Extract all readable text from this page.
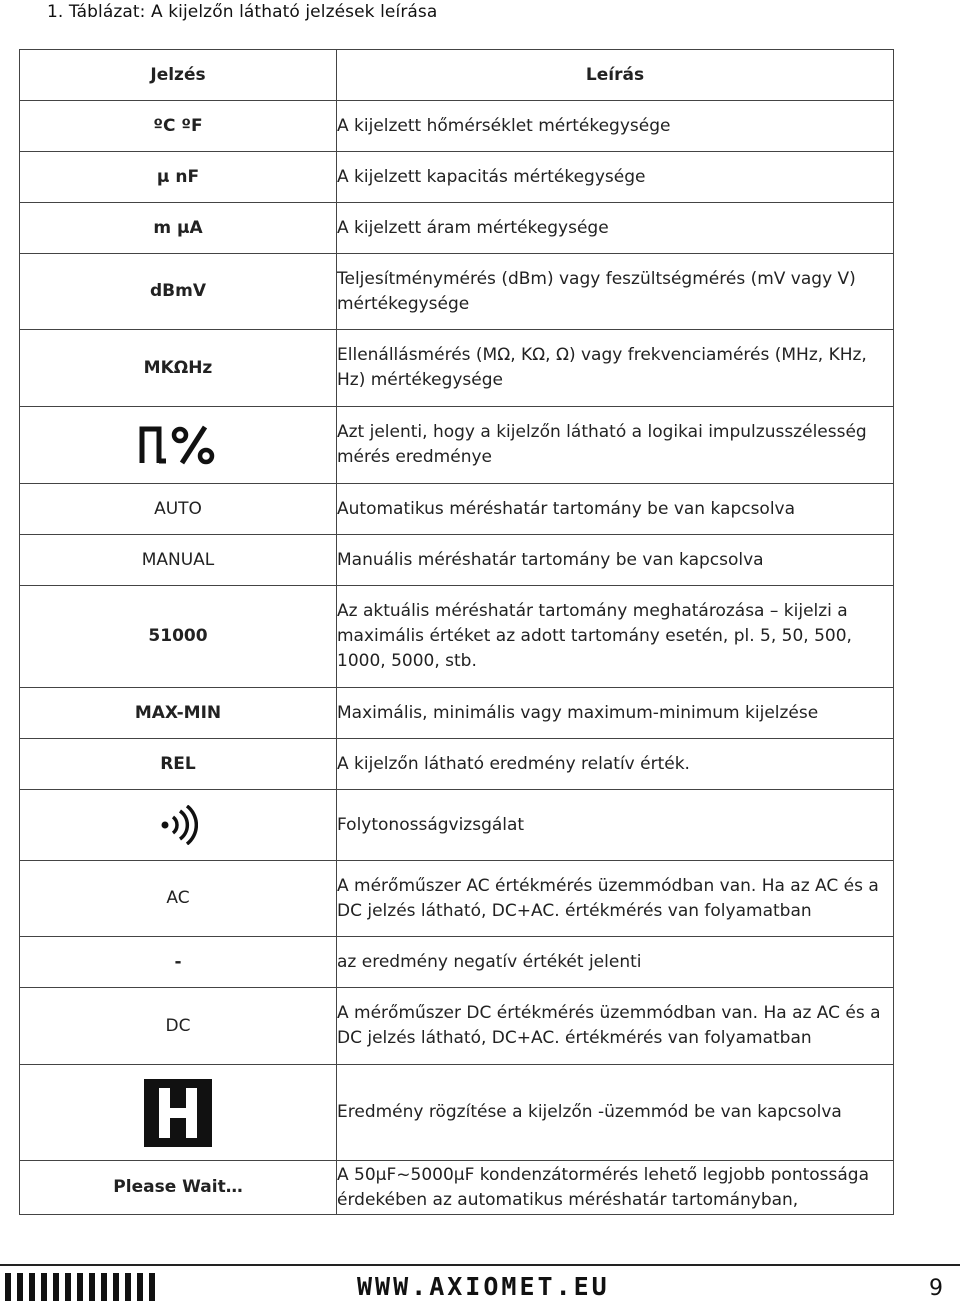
1. Táblázat: A kijelzőn látható jelzések leírása
Jelzés	Leírás
ºC ºF	A kijelzett hőmérséklet mértékegysége
μ nF	A kijelzett kapacitás mértékegysége
m μA	A kijelzett áram mértékegysége
dBmV	Teljesítménymérés (dBm) vagy feszültségmérés (mV vagy V) mértékegysége
MKΩHz	Ellenállásmérés (MΩ, KΩ, Ω) vagy frekvenciamérés (MHz, KHz, Hz) mértékegysége

	Azt jelenti, hogy a kijelzőn látható a logikai impulzusszélesség mérés eredménye
AUTO	Automatikus méréshatár tartomány be van kapcsolva
MANUAL	Manuális méréshatár tartomány be van kapcsolva
51000	Az aktuális méréshatár tartomány meghatározása – kijelzi a maximális értéket az adott tartomány esetén, pl. 5, 50, 500, 1000, 5000, stb.
MAX-MIN	Maximális, minimális vagy maximum-minimum kijelzése
REL	A kijelzőn látható eredmény relatív érték.

	Folytonosságvizsgálat
AC	A mérőműszer AC értékmérés üzemmódban van. Ha az AC és a DC jelzés látható, DC+AC. értékmérés van folyamatban
-	az eredmény negatív értékét jelenti
DC	A mérőműszer DC értékmérés üzemmódban van. Ha az AC és a DC jelzés látható, DC+AC. értékmérés van folyamatban

	Eredmény rögzítése a kijelzőn -üzemmód be van kapcsolva
Please Wait…	A 50μF~5000μF kondenzátormérés lehető legjobb pontossága érdekében az automatikus méréshatár tartományban,
WWW.AXIOMET.EU	9
